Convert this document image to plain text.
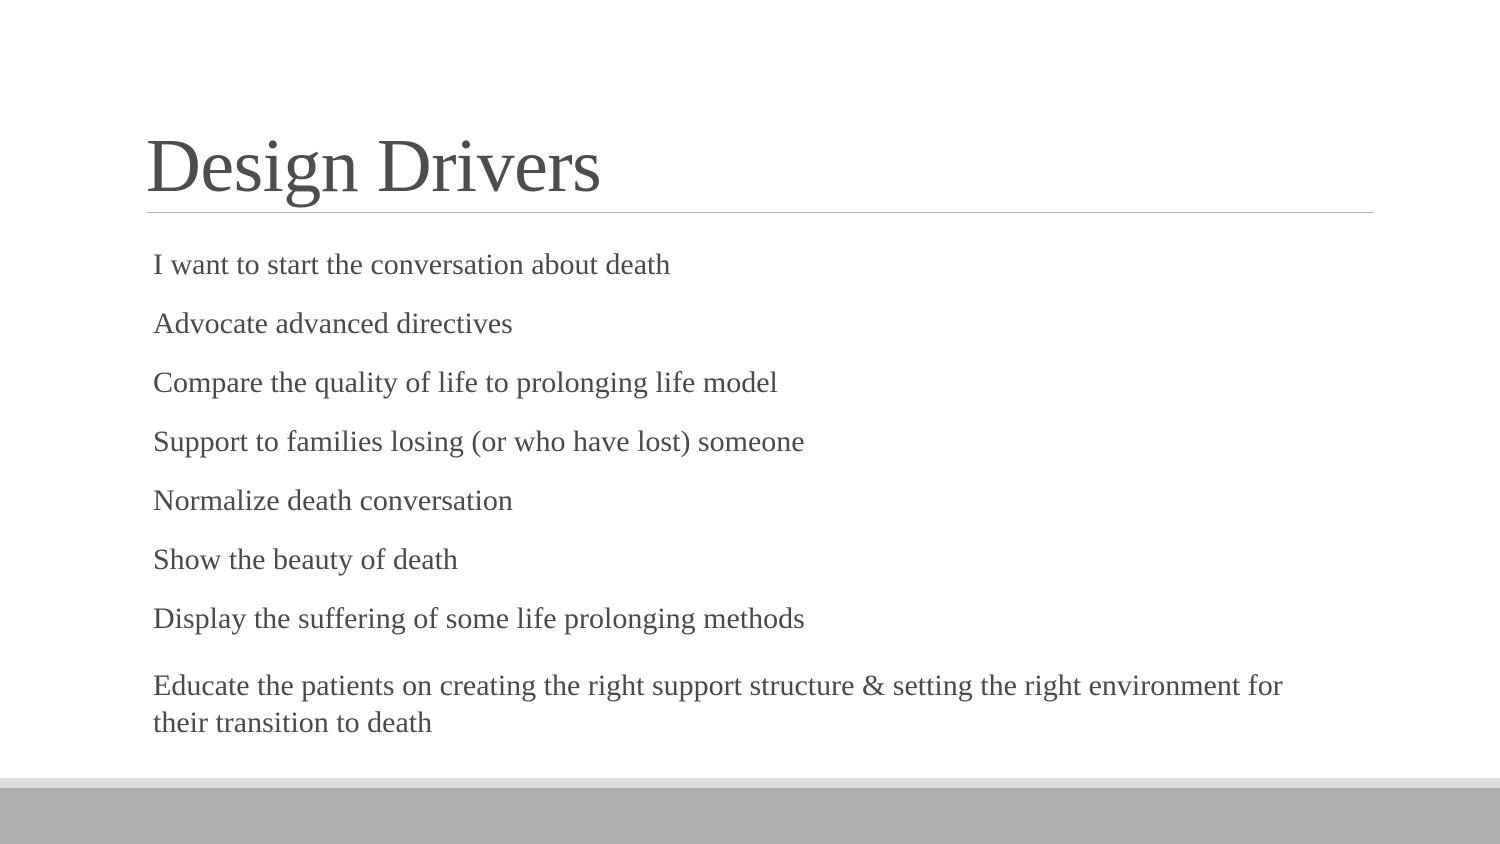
Design Drivers
I want to start the conversation about death
Advocate advanced directives
Compare the quality of life to prolonging life model
Support to families losing (or who have lost) someone
Normalize death conversation
Show the beauty of death
Display the suffering of some life prolonging methods
Educate the patients on creating the right support structure & setting the right environment for their transition to death
